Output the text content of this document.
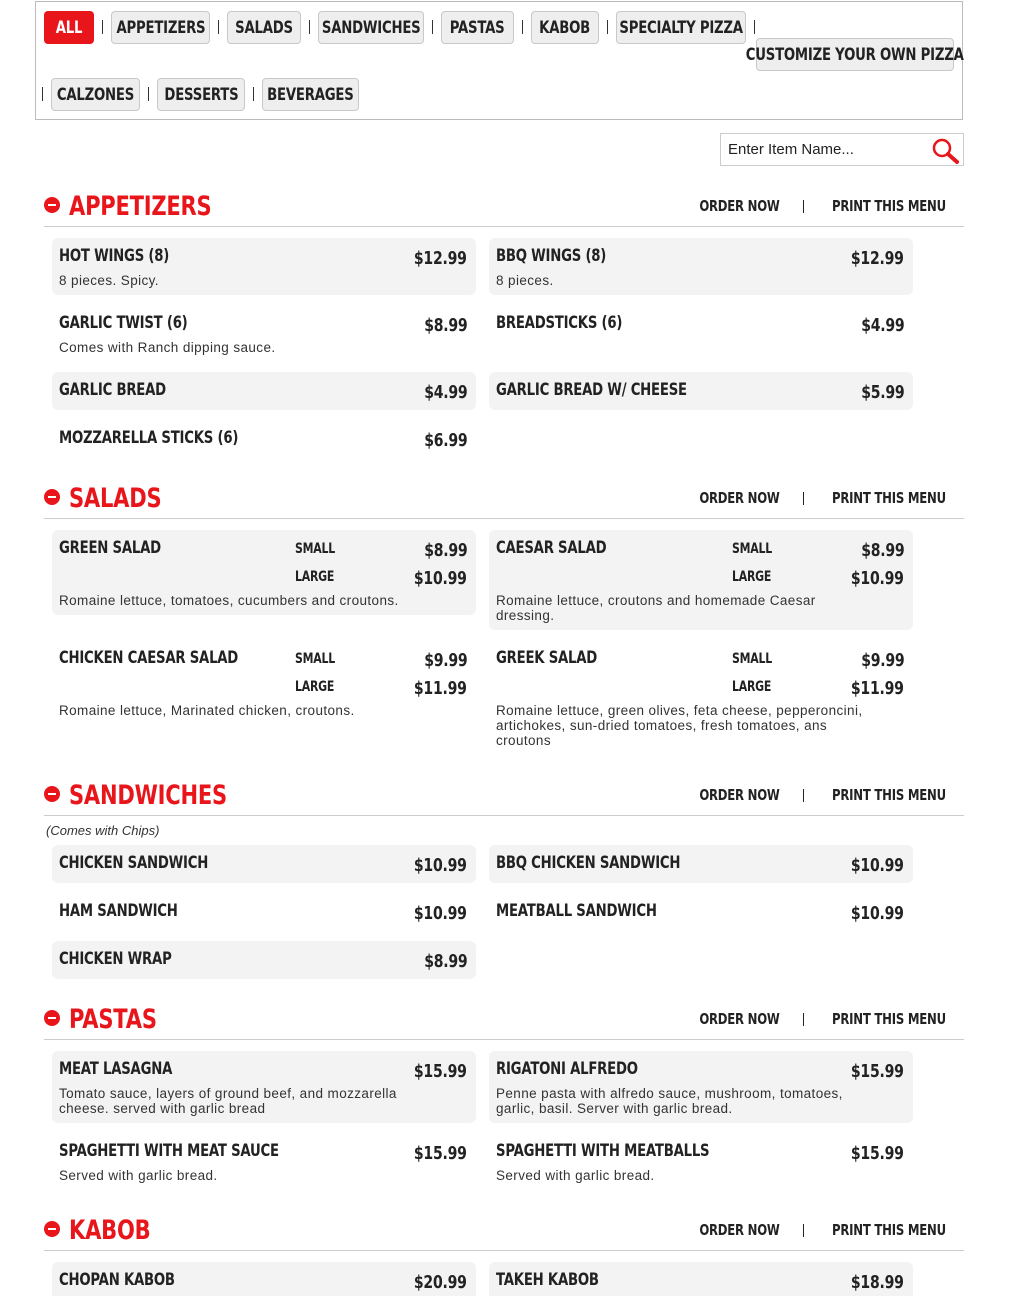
ALL APPETIZERS SALADS SANDWICHES PASTAS KABOB SPECIALTY PIZZA
CUSTOMIZE YOUR OWN PIZZA
CALZONES DESSERTS BEVERAGES
Enter Item Name...
APPETIZERS	ORDER NOW	PRINT THIS MENU
HOT WINGS (8)	$12.99
8 pieces. Spicy.
BBQ WINGS (8)	$12.99
8 pieces.
GARLIC TWIST (6)	$8.99
Comes with Ranch dipping sauce.
BREADSTICKS (6)	$4.99
GARLIC BREAD	$4.99 GARLIC BREAD W/ CHEESE	$5.99
MOZZARELLA STICKS (6)	$6.99
SALADS	ORDER NOW	PRINT THIS MENU
GREEN SALAD	SMALL	$8.99
LARGE	$10.99
Romaine lettuce, tomatoes, cucumbers and croutons.
CAESAR SALAD	SMALL	$8.99
LARGE	$10.99
Romaine lettuce, croutons and homemade Caesar dressing.
CHICKEN CAESAR SALAD	SMALL	$9.99
LARGE	$11.99
Romaine lettuce, Marinated chicken, croutons.
GREEK SALAD	SMALL	$9.99
LARGE	$11.99
Romaine lettuce, green olives, feta cheese, pepperoncini, artichokes, sun-dried tomatoes, fresh tomatoes, ans croutons
SANDWICHES	ORDER NOW	PRINT THIS MENU
(Comes with Chips)
CHICKEN SANDWICH	$10.99 BBQ CHICKEN SANDWICH	$10.99
HAM SANDWICH	$10.99 MEATBALL SANDWICH	$10.99
CHICKEN WRAP	$8.99
PASTAS	ORDER NOW	PRINT THIS MENU
MEAT LASAGNA	$15.99
Tomato sauce, layers of ground beef, and mozzarella cheese. served with garlic bread
RIGATONI ALFREDO	$15.99
Penne pasta with alfredo sauce, mushroom, tomatoes, garlic, basil. Server with garlic bread.
SPAGHETTI WITH MEAT SAUCE	$15.99
Served with garlic bread.
SPAGHETTI WITH MEATBALLS	$15.99
Served with garlic bread.
KABOB	ORDER NOW	PRINT THIS MENU
CHOPAN KABOB	$20.99 TAKEH KABOB	$18.99
